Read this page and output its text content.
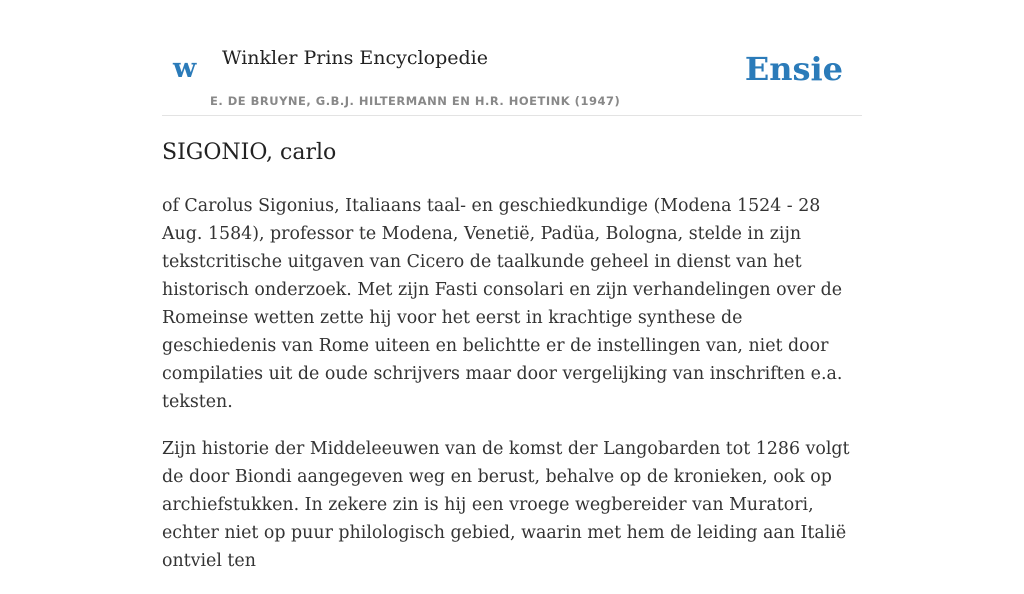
w Winkler Prins Encyclopedie
E. DE BRUYNE, G.B.J. HILTERMANN EN H.R. HOETINK (1947)
Ensie
SIGONIO, carlo

of Carolus Sigonius, Italiaans taal- en geschiedkundige (Modena 1524 - 28 Aug. 1584), professor te Modena, Venetië, Padüa, Bologna, stelde in zijn tekstcritische uitgaven van Cicero de taalkunde geheel in dienst van het historisch onderzoek. Met zijn Fasti consolari en zijn verhandelingen over de Romeinse wetten zette hij voor het eerst in krachtige synthese de geschiedenis van Rome uiteen en belichtte er de instellingen van, niet door compilaties uit de oude schrijvers maar door vergelijking van inschriften e.a. teksten.

Zijn historie der Middeleeuwen van de komst der Langobarden tot 1286 volgt de door Biondi aangegeven weg en berust, behalve op de kronieken, ook op archiefstukken. In zekere zin is hij een vroege wegbereider van Muratori, echter niet op puur philologisch gebied, waarin met hem de leiding aan Italië ontviel ten
